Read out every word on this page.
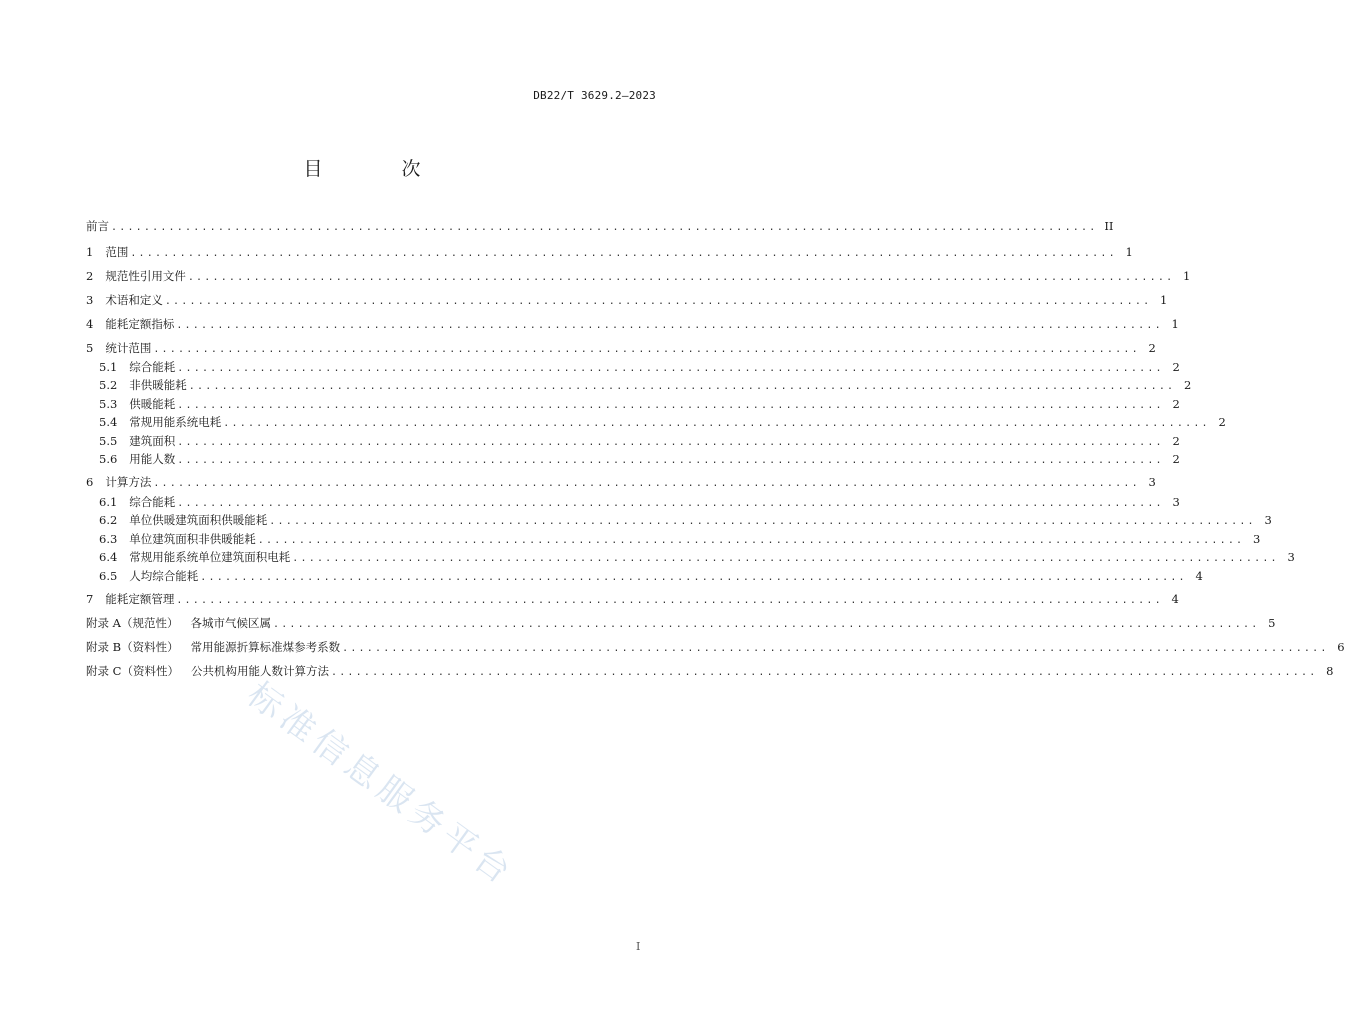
DB22/T 3629.2—2023
目　次
前言 ........................................................................................................................ II
1 范围 ........................................................................................................................ 1
2 规范性引用文件 ........................................................................................................................ 1
3 术语和定义 ........................................................................................................................ 1
4 能耗定额指标 ........................................................................................................................ 1
5 统计范围 ........................................................................................................................ 2
5.1 综合能耗 ........................................................................................................................ 2
5.2 非供暖能耗 ........................................................................................................................ 2
5.3 供暖能耗 ........................................................................................................................ 2
5.4 常规用能系统电耗 ........................................................................................................................ 2
5.5 建筑面积 ........................................................................................................................ 2
5.6 用能人数 ........................................................................................................................ 2
6 计算方法 ........................................................................................................................ 3
6.1 综合能耗 ........................................................................................................................ 3
6.2 单位供暖建筑面积供暖能耗 ........................................................................................................................ 3
6.3 单位建筑面积非供暖能耗 ........................................................................................................................ 3
6.4 常规用能系统单位建筑面积电耗 ........................................................................................................................ 3
6.5 人均综合能耗 ........................................................................................................................ 4
7 能耗定额管理 ........................................................................................................................ 4
附录 A（规范性） 各城市气候区属 ........................................................................................................................ 5
附录 B（资料性） 常用能源折算标准煤参考系数 ........................................................................................................................ 6
附录 C（资料性） 公共机构用能人数计算方法 ........................................................................................................................ 8
标准信息服务平台
I
